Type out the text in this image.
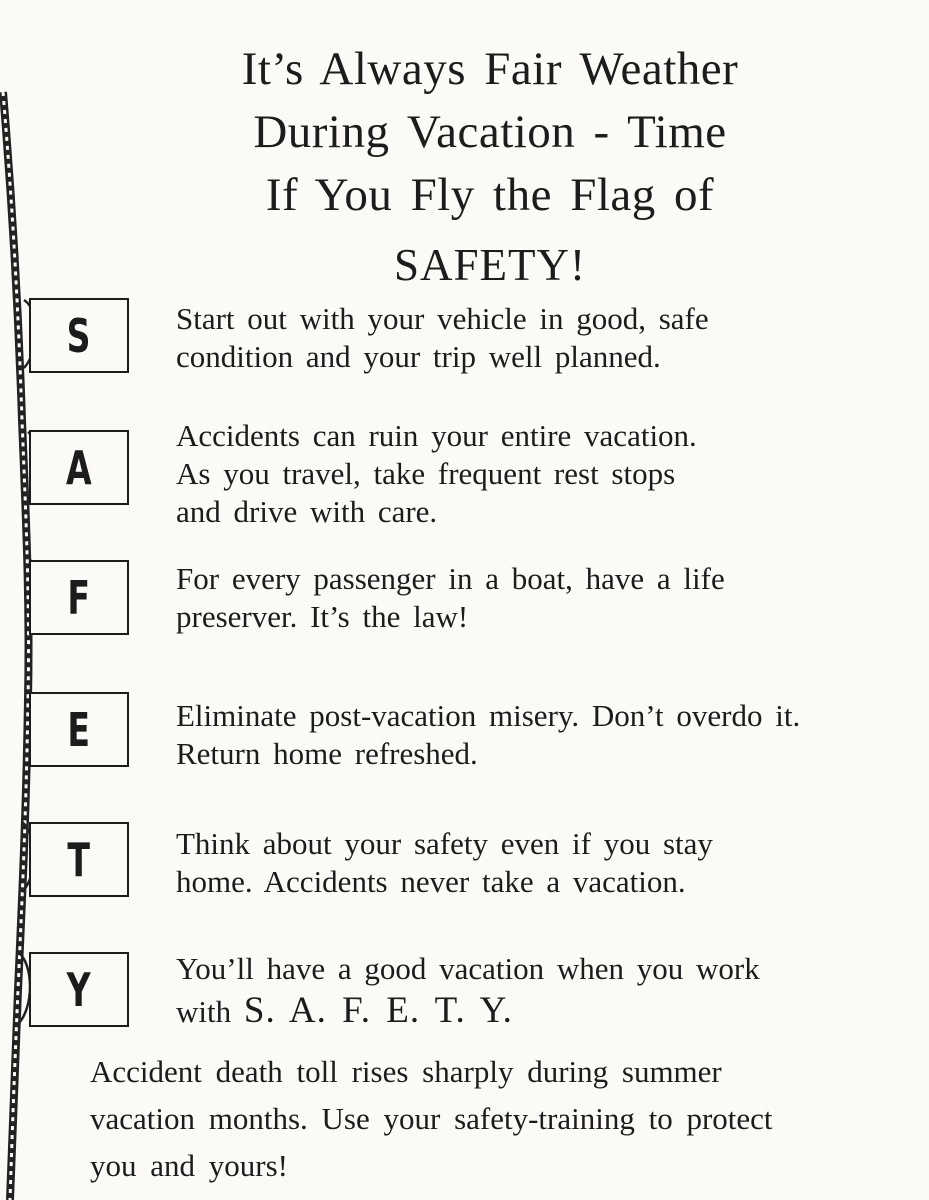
It’s Always Fair Weather
During Vacation - Time
If You Fly the Flag of
SAFETY!
S
A
F
E
T
Y

Start out with your vehicle in good, safe

condition and your trip well planned.

Accidents can ruin your entire vacation.

As you travel, take frequent rest stops

and drive with care.

For every passenger in a boat, have a life

preserver. It’s the law!

Eliminate post-vacation misery. Don’t overdo it.

Return home refreshed.

Think about your safety even if you stay

home. Accidents never take a vacation.

You’ll have a good vacation when you work

with S. A. F. E. T. Y.

Accident death toll rises sharply during summer

vacation months. Use your safety-training to protect

you and yours!
